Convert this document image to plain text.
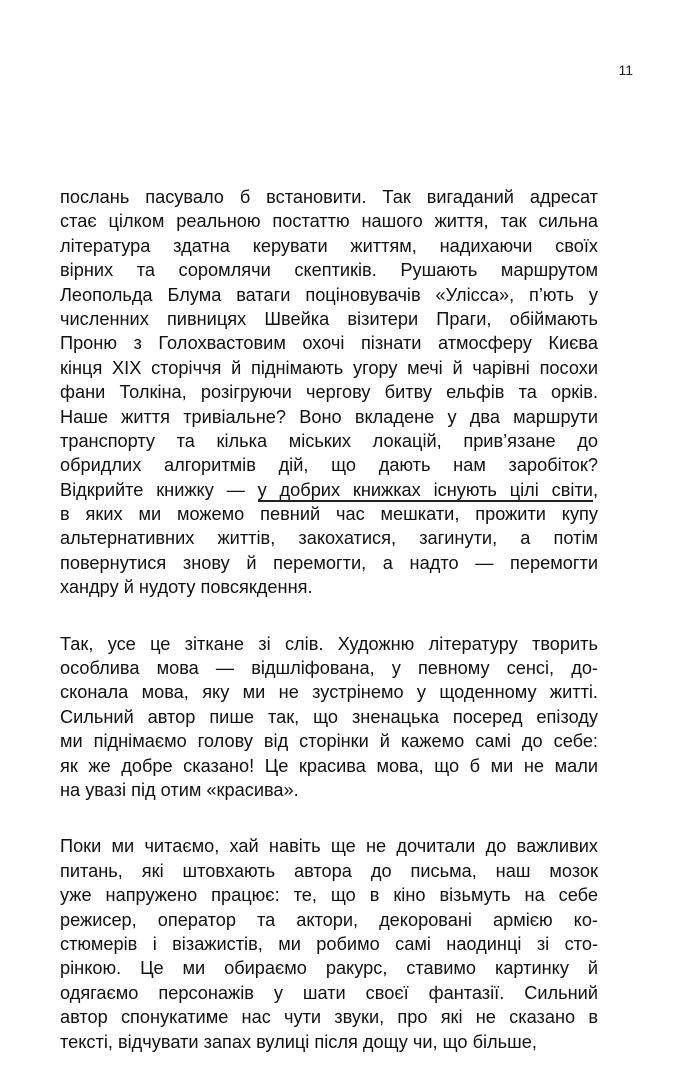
11
послань пасувало б встановити. Так вигаданий адресат
стає цілком реальною постаттю нашого життя, так сильна
література здатна керувати життям, надихаючи своїх
вірних та соромлячи скептиків. Рушають маршрутом
Леопольда Блума ватаги поціновувачів «Улісса», п’ють у
численних пивницях Швейка візитери Праги, обіймають
Проню з Голохвастовим охочі пізнати атмосферу Києва
кінця XIX сторіччя й піднімають угору мечі й чарівні посохи
фани Толкіна, розігруючи чергову битву ельфів та орків.
Наше життя тривіальне? Воно вкладене у два маршрути
транспорту та кілька міських локацій, прив’язане до
обридлих алгоритмів дій, що дають нам заробіток?
Відкрийте книжку — у добрих книжках існують цілі світи,
в яких ми можемо певний час мешкати, прожити купу
альтернативних життів, закохатися, загинути, а потім
повернутися знову й перемогти, а надто — перемогти
хандру й нудоту повсякдення.
Так, усе це зіткане зі слів. Художню літературу творить
особлива мова — відшліфована, у певному сенсі, до-
сконала мова, яку ми не зустрінемо у щоденному житті.
Сильний автор пише так, що зненацька посеред епізоду
ми піднімаємо голову від сторінки й кажемо самі до себе:
як же добре сказано! Це красива мова, що б ми не мали
на увазі під отим «красива».
Поки ми читаємо, хай навіть ще не дочитали до важливих
питань, які штовхають автора до письма, наш мозок
уже напружено працює: те, що в кіно візьмуть на себе
режисер, оператор та актори, декоровані армією ко-
стюмерів і візажистів, ми робимо самі наодинці зі сто-
рінкою. Це ми обираємо ракурс, ставимо картинку й
одягаємо персонажів у шати своєї фантазії. Сильний
автор спонукатиме нас чути звуки, про які не сказано в
тексті, відчувати запах вулиці після дощу чи, що більше,
